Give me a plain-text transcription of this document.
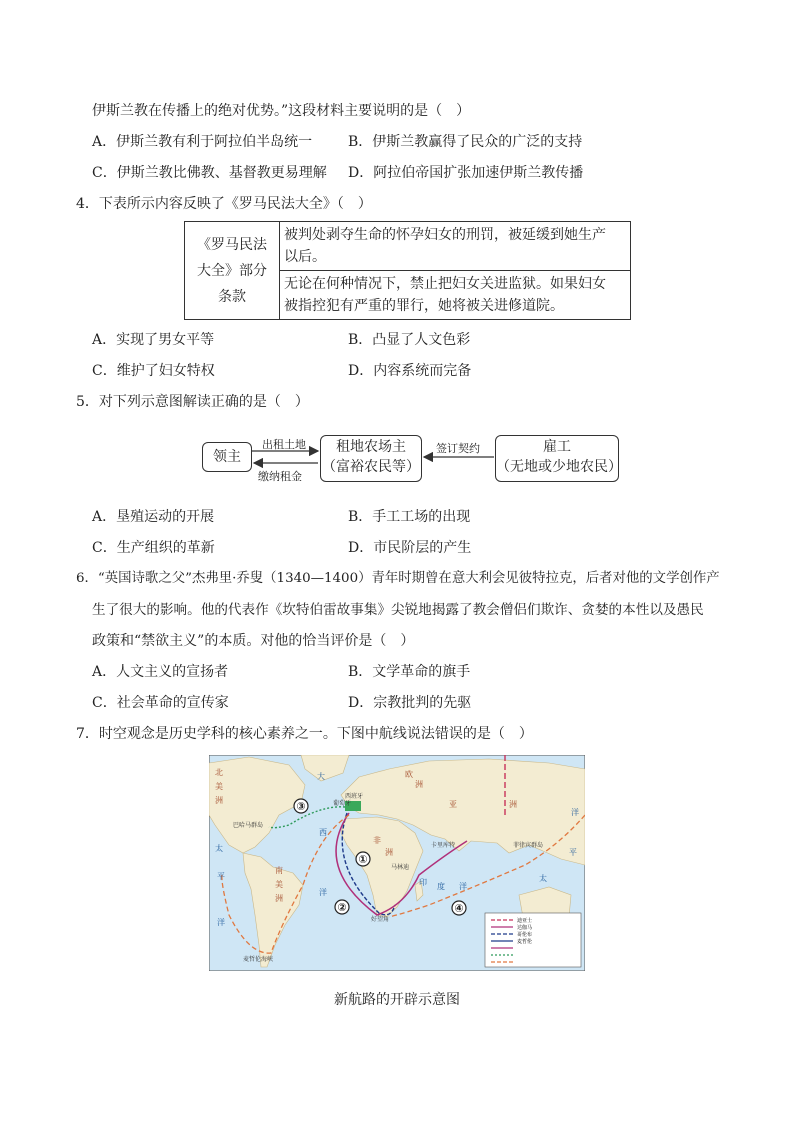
伊斯兰教在传播上的绝对优势。”这段材料主要说明的是（　）
A．伊斯兰教有利于阿拉伯半岛统一	B．伊斯兰教赢得了民众的广泛的支持
C．伊斯兰教比佛教、基督教更易理解 D．阿拉伯帝国扩张加速伊斯兰教传播
4．下表所示内容反映了《罗马民法大全》（　）
《罗马民法
大全》部分
条款

被判处剥夺生命的怀孕妇女的刑罚，被延缓到她生产
以后。

无论在何种情况下，禁止把妇女关进监狱。如果妇女
被指控犯有严重的罪行，她将被关进修道院。
A．实现了男女平等	B．凸显了人文色彩
C．维护了妇女特权	D．内容系统而完备
5．对下列示意图解读正确的是（　）
领主
租地农场主
（富裕农民等）
雇工
（无地或少地农民）
出租土地
缴纳租金
签订契约
A．垦殖运动的开展	B．手工工场的出现
C．生产组织的革新	D．市民阶层的产生
6．“英国诗歌之父”杰弗里·乔叟（1340—1400）青年时期曾在意大利会见彼特拉克，后者对他的文学创作产
生了很大的影响。他的代表作《坎特伯雷故事集》尖锐地揭露了教会僧侣们欺诈、贪婪的本性以及愚民
政策和“禁欲主义”的本质。对他的恰当评价是（　）
A．人文主义的宣扬者	B．文学革命的旗手
C．社会革命的宣传家	D．宗教批判的先驱
7．时空观念是历史学科的核心素养之一。下图中航线说法错误的是（　）
①
②
③
④
北
美
洲
南
美
洲
欧
洲
亚	洲
非
洲
大
西
洋
太
平
洋
太
平
洋
印 度 洋
西班牙
葡萄牙
巴哈马群岛
卡里库特
马林迪
好望角
菲律宾群岛
麦哲伦海峡
迪亚士
达伽马
哥伦布
麦哲伦
新航路的开辟示意图
